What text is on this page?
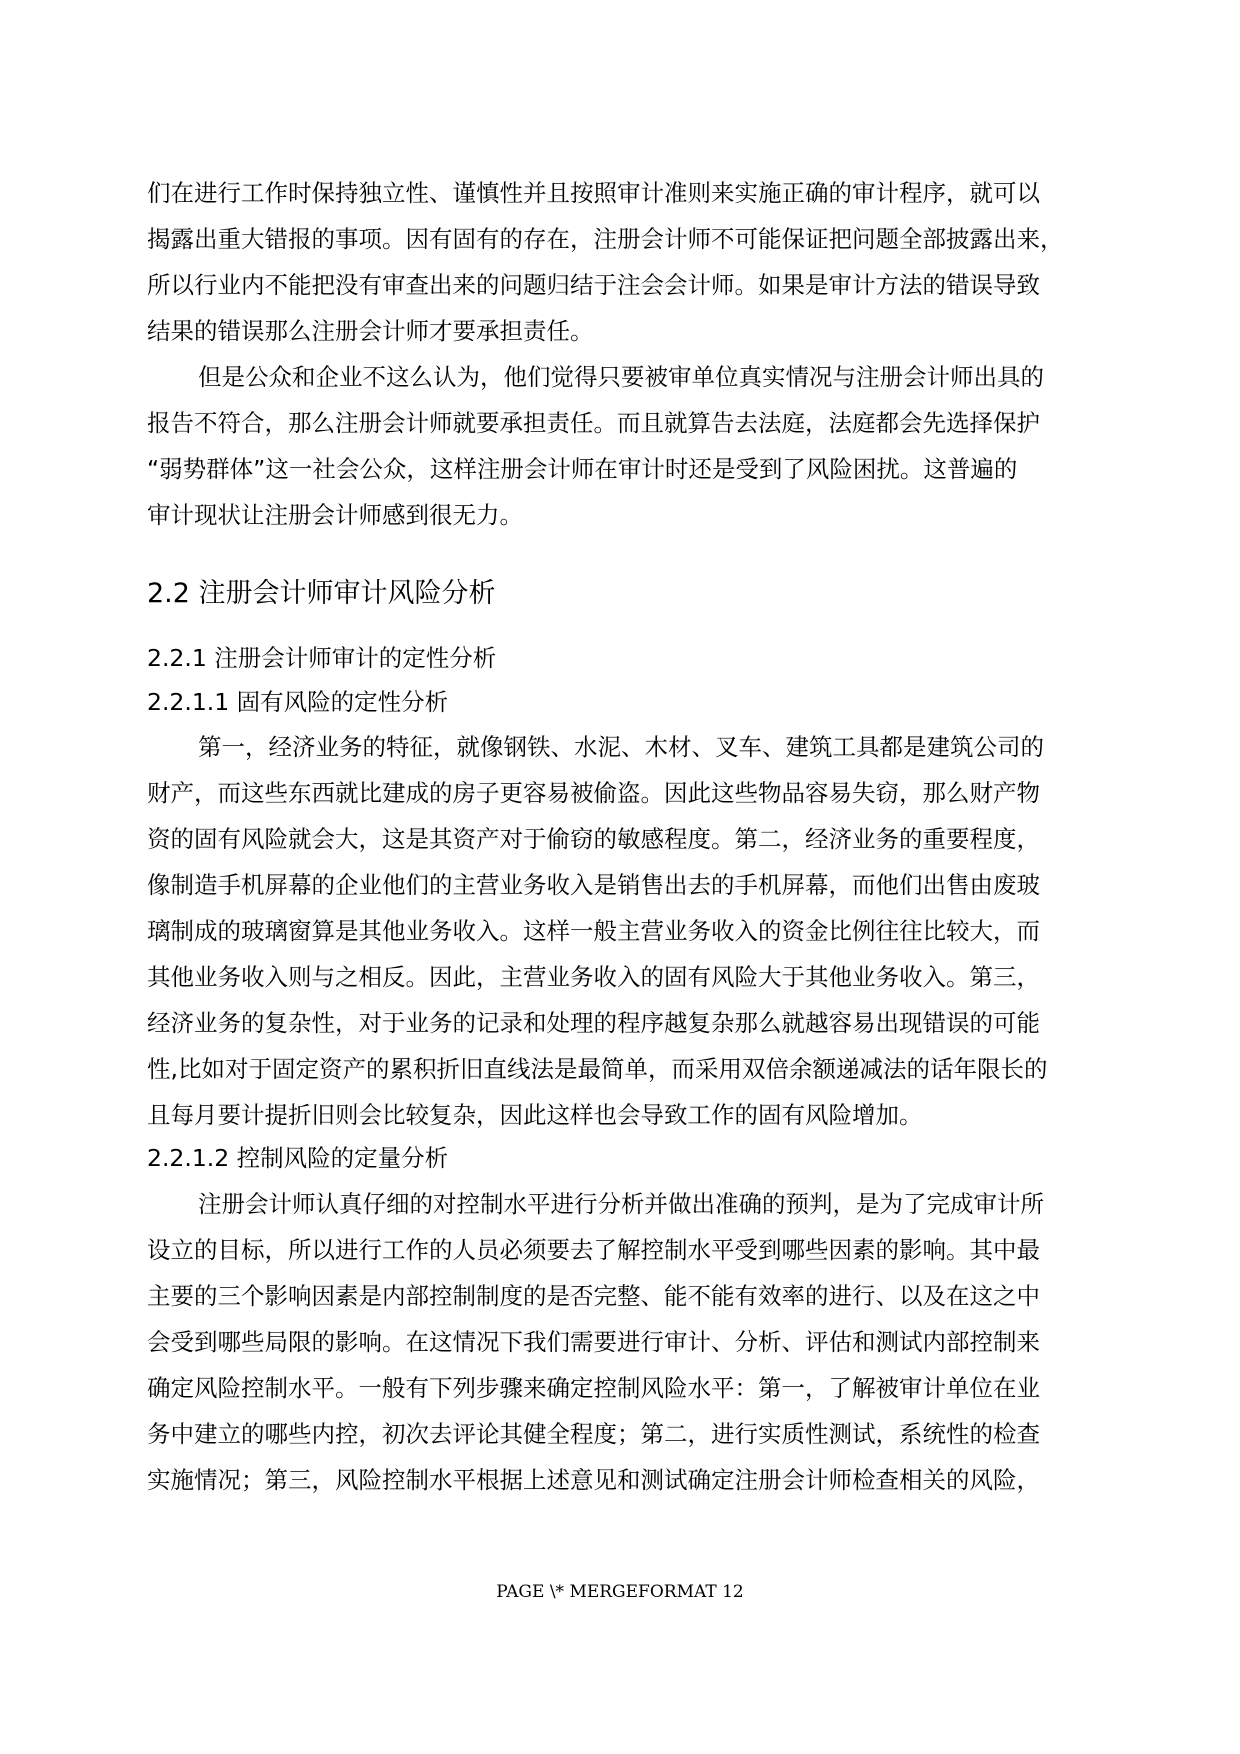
们在进行工作时保持独立性、谨慎性并且按照审计准则来实施正确的审计程序，就可以

揭露出重大错报的事项。因有固有的存在，注册会计师不可能保证把问题全部披露出来，

所以行业内不能把没有审查出来的问题归结于注会会计师。如果是审计方法的错误导致

结果的错误那么注册会计师才要承担责任。

但是公众和企业不这么认为，他们觉得只要被审单位真实情况与注册会计师出具的

报告不符合，那么注册会计师就要承担责任。而且就算告去法庭，法庭都会先选择保护

“弱势群体”这一社会公众，这样注册会计师在审计时还是受到了风险困扰。这普遍的

审计现状让注册会计师感到很无力。

2.2 注册会计师审计风险分析
2.2.1 注册会计师审计的定性分析
2.2.1.1 固有风险的定性分析

第一，经济业务的特征，就像钢铁、水泥、木材、叉车、建筑工具都是建筑公司的

财产，而这些东西就比建成的房子更容易被偷盗。因此这些物品容易失窃，那么财产物

资的固有风险就会大，这是其资产对于偷窃的敏感程度。第二，经济业务的重要程度，

像制造手机屏幕的企业他们的主营业务收入是销售出去的手机屏幕，而他们出售由废玻

璃制成的玻璃窗算是其他业务收入。这样一般主营业务收入的资金比例往往比较大，而

其他业务收入则与之相反。因此，主营业务收入的固有风险大于其他业务收入。第三，

经济业务的复杂性，对于业务的记录和处理的程序越复杂那么就越容易出现错误的可能

性,比如对于固定资产的累积折旧直线法是最简单，而采用双倍余额递减法的话年限长的

且每月要计提折旧则会比较复杂，因此这样也会导致工作的固有风险增加。

2.2.1.2 控制风险的定量分析

注册会计师认真仔细的对控制水平进行分析并做出准确的预判，是为了完成审计所

设立的目标，所以进行工作的人员必须要去了解控制水平受到哪些因素的影响。其中最

主要的三个影响因素是内部控制制度的是否完整、能不能有效率的进行、以及在这之中

会受到哪些局限的影响。在这情况下我们需要进行审计、分析、评估和测试内部控制来

确定风险控制水平。一般有下列步骤来确定控制风险水平：第一，了解被审计单位在业

务中建立的哪些内控，初次去评论其健全程度；第二，进行实质性测试，系统性的检查

实施情况；第三，风险控制水平根据上述意见和测试确定注册会计师检查相关的风险，

PAGE \* MERGEFORMAT 12
